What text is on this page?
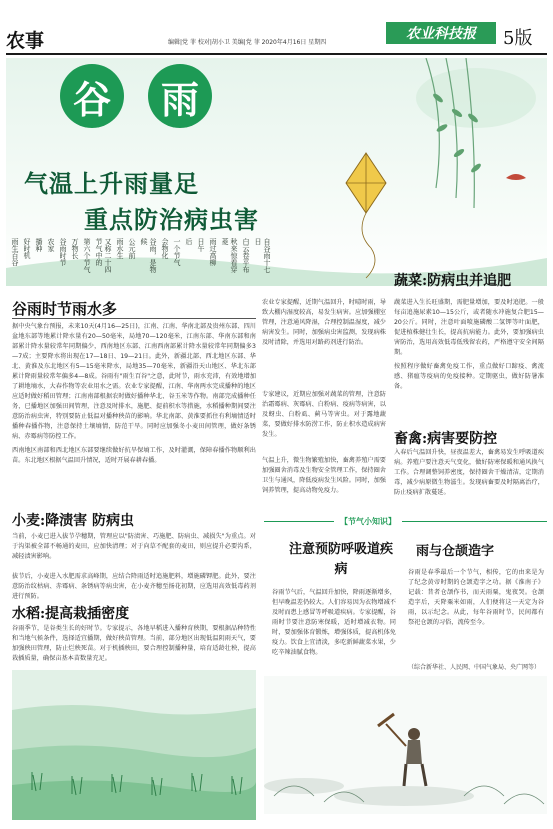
农事	编辑|党 菲 校对|胡小卫 美编|党 菲 2020年4月16日 星期四
农业科技报	5版
谷	雨
气温上升雨量足
重点防治病虫害
自谷雨十七日
白云卷平布
秋来惊看穿菱
雨过高柳
日午
后
一个节气
会物化
谷雨，是物候
公元前
雨水生
又称二十四节气中的
第六个节气
万物长
谷雨时节
农家
播种
好时机
雨生百谷
蔬菜:防病虫并追肥
谷雨时节雨水多
据中央气象台预报，未来10天(4月16—25日)，江南、江南、华南北部及贵州东部、四川盆地东部等地累计降水量有20—50毫米，局地70—120毫米，江南东部、华南东部和南部累计降水量较常年同期偏少，西南地区东部、江南西南部累计降水量较常年同期偏多3—7成；主要降水将出现在17—18日、19—21日。此外，新疆北部、西北地区东部、华北、黄淮及东北地区有5—15毫米降水，局地35—70毫米，新疆沿天山地区、华北东部累计降雨量较常年偏多4—8成。谷雨有"雨生百谷"之意，此时节，雨水充沛，有效地增加了耕地墒水，大春作物等农业用水之需。农业专家提醒，江南、华南两水完成播种的地区应适时做好稻田管理；江南南部根据农时做好播种华北、谷玉米等作物。南部完成播种任务，已播地区加强田间管理，注意及时排水，施肥、提前积水等措施，水稻播种期间要注意防治病虫害，特别要防止低温对播种秧苗的影响。华北南部、黄淮要抓住有利墒情适时播种春播作物，注意保持土壤墒情，防范干旱。同时应加强冬小麦田间管理，做好条锈病、赤霉病等防控工作。
西南地区南部和西北地区东部要继续做好抗旱保墒工作，及时灌溉，保障春播作物顺利出苗。东北地区根据气温回升情况，适时开展春耕春播。
农业专家提醒，近期气温回升，时晴时雨，导致大棚内湿度较高，易发生病害。应加强棚室管理，注意通风降湿，合理控制温湿度，减少病害发生。同时，加强病虫害监测，发现病株及时清除，并选用对路药剂进行防治。
专家建议，近期应加强对蔬菜的管理，注意防治霜霉病、灰霉病、白粉病、疫病等病害，以及蚜虫、白粉虱、蓟马等害虫。对于露地蔬菜，要做好排水防涝工作，防止积水造成病害发生。
气温上升，微生物繁殖加快，畜禽养殖户需要加强圈舍消毒及生物安全管理工作，保持圈舍卫生与通风，降低疫病发生风险。同时，加强饲养管理，提高动物免疫力。
蔬菜进入生长旺盛期，需肥量增加，要及时追肥。一般每亩追施尿素10—15公斤，或者随水冲施复合肥15—20公斤。同时，注意叶面喷施磷酸二氢钾等叶面肥，促进植株健壮生长，提高抗病能力。此外，要加强病虫害防治，选用高效低毒低残留农药，严格遵守安全间隔期。
按照程序做好畜禽免疫工作，重点做好口蹄疫、禽流感、猪瘟等疫病的免疫接种。定期驱虫，做好防暑准备。
畜禽:病害要防控
入春后气温回升快，昼夜温差大，畜禽易发生呼吸道疾病。养殖户要注意天气变化，做好防寒保暖和通风换气工作。合理调整饲养密度，保持圈舍干燥清洁，定期消毒，减少病原微生物滋生。发现病畜要及时隔离治疗，防止疫病扩散蔓延。
小麦:降渍害 防病虫
当前，小麦已进入拔节孕穗期，管理应以"防渍害、巧施肥、防病虫、减损失"为重点。对于沟渠被全部不畅通的麦田，应加快清理；对于向草不配套的麦田，则应提升必要沟系，减轻渍害影响。
拔节后，小麦进入水肥需求高峰期，应结合降雨适时追施肥料，增施磷钾肥。此外，要注意防治纹枯病、赤霉病、条锈病等病虫害，在小麦齐穗至扬花初期，应选用高效低毒药剂进行预防。
水稻:提高栽插密度
谷雨季节，是谷类生长的好时节。专家提示，各地早稻进入播种育秧期，要根据品种特性和当地气候条件，选择适宜播期，做好秧苗管理。当前，部分地区出现低温阴雨天气，要加强秧田管理，防止烂秧死苗。对于机插秧田，要合理控制播种量，培育适龄壮秧，提高栽插质量，确保亩基本苗数量充足。
【节气小知识】
注意预防呼吸道疾病
谷雨节气后，气温回升加快，降雨逐渐增多，但早晚温差仍较大。人们容易因为衣物增减不及时而患上感冒等呼吸道疾病。专家提醒，谷雨时节要注意防寒保暖，适时增减衣物。同时，要加强体育锻炼，增强体质，提高机体免疫力。饮食上宜清淡，多吃新鲜蔬菜水果，少吃辛辣油腻食物。
雨与仓颉造字
谷雨是春季最后一个节气，相传，它的由来是为了纪念黄帝时期的仓颉造字之功。据《淮南子》记载：昔者仓颉作书，而天雨粟，鬼夜哭。仓颉造字后，天降粟米如雨，人们便将这一天定为谷雨，以示纪念。从此，每年谷雨时节，民间都有祭祀仓颉的习俗，流传至今。
（综合新华社、人民网、中国气象局、央广网等）
